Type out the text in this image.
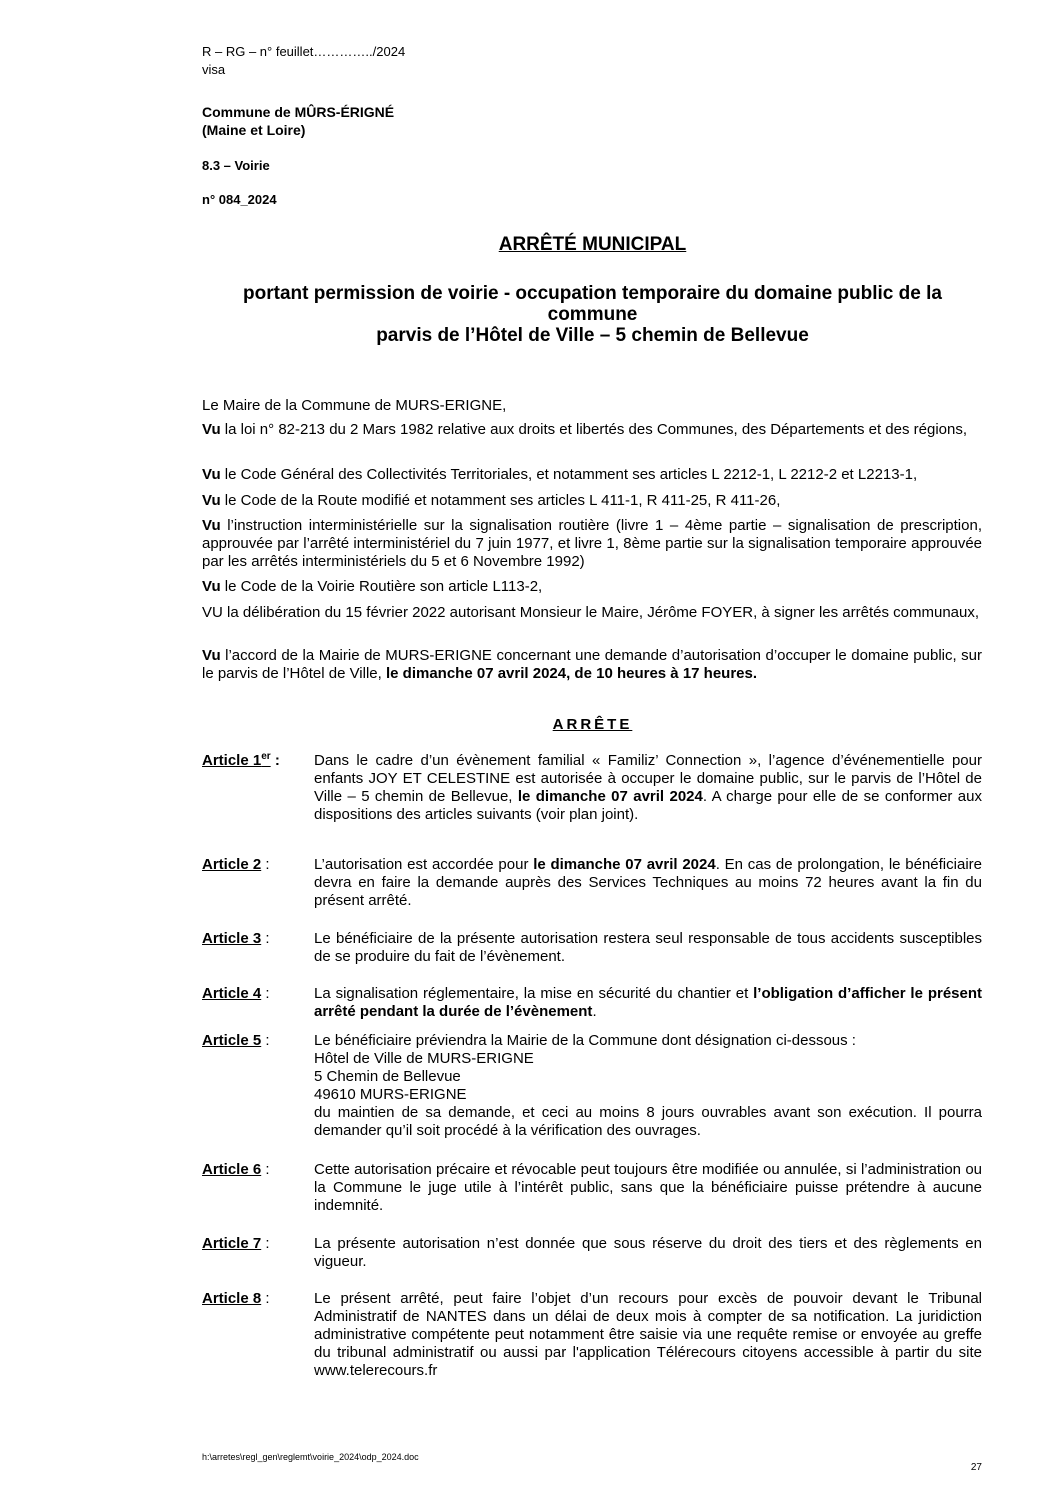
R – RG – n° feuillet…………../2024
visa
Commune de MÛRS-ÉRIGNÉ
(Maine et Loire)
8.3 – Voirie
n° 084_2024
ARRÊTÉ MUNICIPAL
portant permission de voirie - occupation temporaire du domaine public de la
commune
parvis de l’Hôtel de Ville – 5 chemin de Bellevue
Le Maire de la Commune de MURS-ERIGNE,
Vu la loi n° 82-213 du 2 Mars 1982 relative aux droits et libertés des Communes, des Départements et des régions,
Vu le Code Général des Collectivités Territoriales, et notamment ses articles L 2212-1, L 2212-2 et L2213-1,
Vu le Code de la Route modifié et notamment ses articles L 411-1, R 411-25, R 411-26,
Vu l’instruction interministérielle sur la signalisation routière (livre 1 – 4ème partie – signalisation de prescription, approuvée par l’arrêté interministériel du 7 juin 1977, et livre 1, 8ème partie sur la signalisation temporaire approuvée par les arrêtés interministériels du 5 et 6 Novembre 1992)
Vu le Code de la Voirie Routière son article L113-2,
VU la délibération du 15 février 2022 autorisant Monsieur le Maire, Jérôme FOYER, à signer les arrêtés communaux,
Vu l’accord de la Mairie de MURS-ERIGNE concernant une demande d’autorisation d’occuper le domaine public, sur le parvis de l’Hôtel de Ville, le dimanche 07 avril 2024, de 10 heures à 17 heures.
ARRÊTE
Article 1er : Dans le cadre d’un évènement familial « Familiz’ Connection », l’agence d’événementielle pour enfants JOY ET CELESTINE est autorisée à occuper le domaine public, sur le parvis de l’Hôtel de Ville – 5 chemin de Bellevue, le dimanche 07 avril 2024. A charge pour elle de se conformer aux dispositions des articles suivants (voir plan joint).
Article 2 :	L’autorisation est accordée pour le dimanche 07 avril 2024. En cas de prolongation, le bénéficiaire devra en faire la demande auprès des Services Techniques au moins 72 heures avant la fin du présent arrêté.
Article 3 :	Le bénéficiaire de la présente autorisation restera seul responsable de tous accidents susceptibles de se produire du fait de l’évènement.
Article 4 :	La signalisation réglementaire, la mise en sécurité du chantier et l’obligation d’afficher le présent arrêté pendant la durée de l’évènement.
Article 5 :	Le bénéficiaire préviendra la Mairie de la Commune dont désignation ci-dessous :
Hôtel de Ville de MURS-ERIGNE
5 Chemin de Bellevue
49610 MURS-ERIGNE
du maintien de sa demande, et ceci au moins 8 jours ouvrables avant son exécution. Il pourra demander qu’il soit procédé à la vérification des ouvrages.
Article 6 :	Cette autorisation précaire et révocable peut toujours être modifiée ou annulée, si l’administration ou la Commune le juge utile à l’intérêt public, sans que la bénéficiaire puisse prétendre à aucune indemnité.
Article 7 :	La présente autorisation n’est donnée que sous réserve du droit des tiers et des règlements en vigueur.
Article 8 :	Le présent arrêté, peut faire l’objet d’un recours pour excès de pouvoir devant le Tribunal Administratif de NANTES dans un délai de deux mois à compter de sa notification. La juridiction administrative compétente peut notamment être saisie via une requête remise or envoyée au greffe du tribunal administratif ou aussi par l'application Télérecours citoyens accessible à partir du site www.telerecours.fr
h:\arretes\regl_gen\reglemt\voirie_2024\odp_2024.doc
27
